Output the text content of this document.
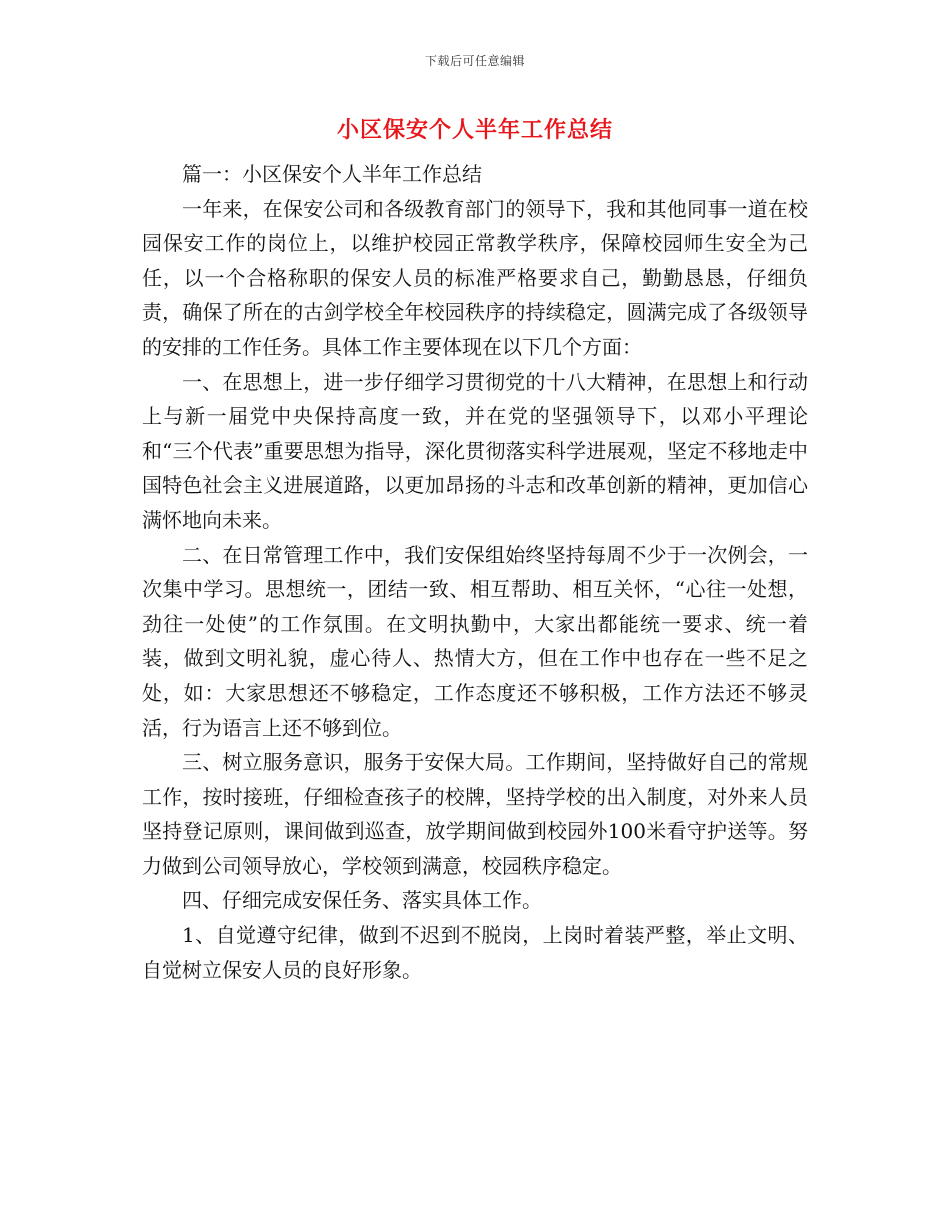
下载后可任意编辑
小区保安个人半年工作总结

篇一：小区保安个人半年工作总结

一年来，在保安公司和各级教育部门的领导下，我和其他同事一道在校园保安工作的岗位上，以维护校园正常教学秩序，保障校园师生安全为己任，以一个合格称职的保安人员的标准严格要求自己，勤勤恳恳，仔细负责，确保了所在的古剑学校全年校园秩序的持续稳定，圆满完成了各级领导的安排的工作任务。具体工作主要体现在以下几个方面：

一、在思想上，进一步仔细学习贯彻党的十八大精神，在思想上和行动上与新一届党中央保持高度一致，并在党的坚强领导下，以邓小平理论和“三个代表”重要思想为指导，深化贯彻落实科学进展观，坚定不移地走中国特色社会主义进展道路，以更加昂扬的斗志和改革创新的精神，更加信心满怀地向未来。

二、在日常管理工作中，我们安保组始终坚持每周不少于一次例会，一次集中学习。思想统一，团结一致、相互帮助、相互关怀，“心往一处想，劲往一处使”的工作氛围。在文明执勤中，大家出都能统一要求、统一着装，做到文明礼貌，虚心待人、热情大方，但在工作中也存在一些不足之处，如：大家思想还不够稳定，工作态度还不够积极，工作方法还不够灵活，行为语言上还不够到位。

三、树立服务意识，服务于安保大局。工作期间，坚持做好自己的常规工作，按时接班，仔细检查孩子的校牌，坚持学校的出入制度，对外来人员坚持登记原则，课间做到巡查，放学期间做到校园外100米看守护送等。努力做到公司领导放心，学校领到满意，校园秩序稳定。

四、仔细完成安保任务、落实具体工作。

1、自觉遵守纪律，做到不迟到不脱岗，上岗时着装严整，举止文明、自觉树立保安人员的良好形象。
